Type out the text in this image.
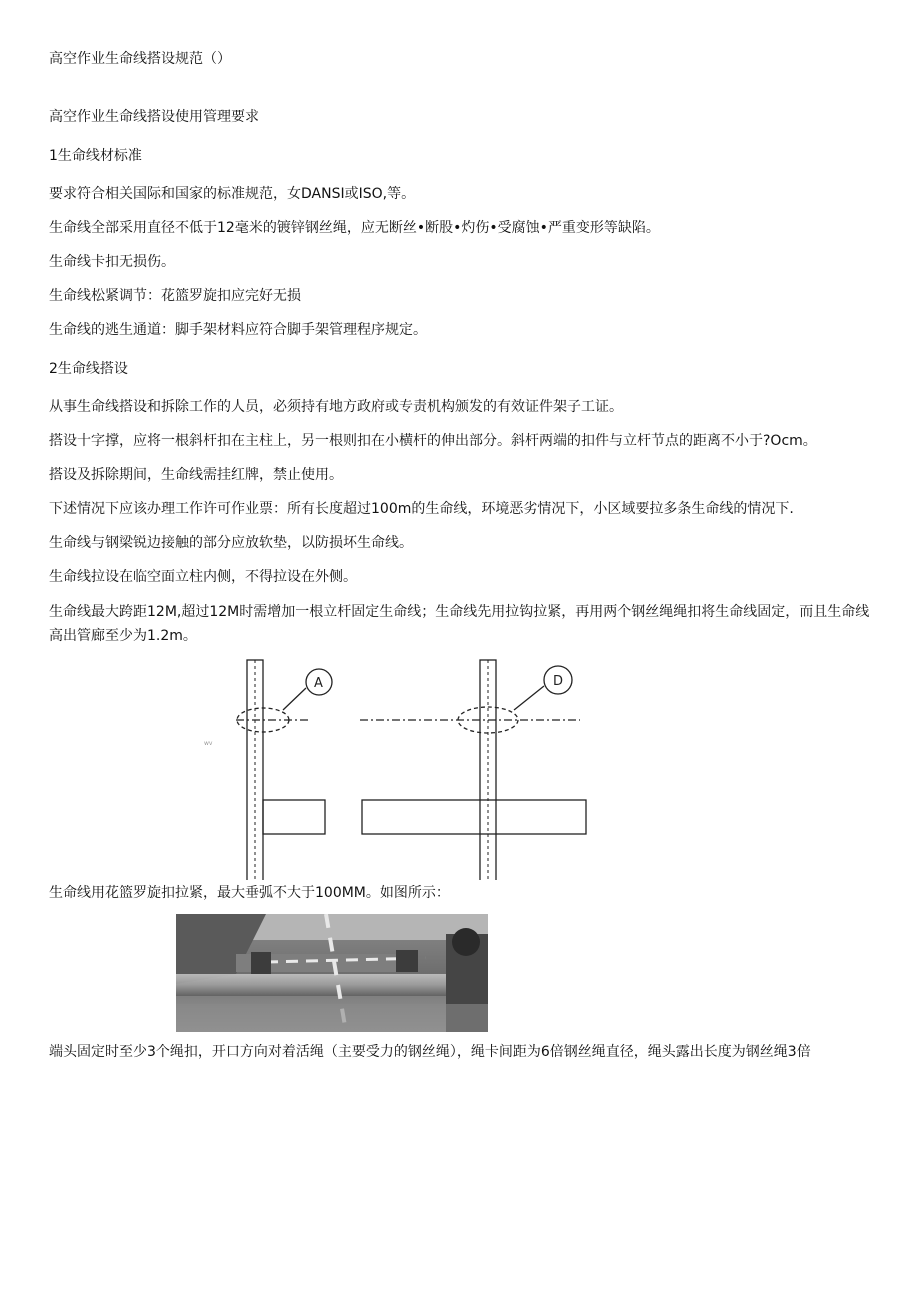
高空作业生命线搭设规范（）
高空作业生命线搭设使用管理要求
1生命线材标准
要求符合相关国际和国家的标准规范，女DANSI或ISO,等。
生命线全部采用直径不低于12毫米的镀锌钢丝绳，应无断丝•断股•灼伤•受腐蚀•严重变形等缺陷。
生命线卡扣无损伤。
生命线松紧调节：花篮罗旋扣应完好无损
生命线的逃生通道：脚手架材料应符合脚手架管理程序规定。
2生命线搭设
从事生命线搭设和拆除工作的人员，必须持有地方政府或专责机构颁发的有效证件架子工证。
搭设十字撑，应将一根斜杆扣在主柱上，另一根则扣在小横杆的伸出部分。斜杆两端的扣件与立杆节点的距离不小于?Ocm。
搭设及拆除期间，生命线需挂红牌，禁止使用。
下述情况下应该办理工作许可作业票：所有长度超过100m的生命线，环境恶劣情况下，小区域要拉多条生命线的情况下.
生命线与钢梁锐边接触的部分应放软垫，以防损坏生命线。
生命线拉设在临空面立柱内侧，不得拉设在外侧。
生命线最大跨距12M,超过12M时需增加一根立杆固定生命线；生命线先用拉钩拉紧，再用两个钢丝绳绳扣将生命线固定，而且生命线高出管廊至少为1.2m。
A	D
wv
生命线用花篮罗旋扣拉紧，最大垂弧不大于100MM。如图所示：
端头固定时至少3个绳扣，开口方向对着活绳（主要受力的钢丝绳），绳卡间距为6倍钢丝绳直径，绳头露出长度为钢丝绳3倍
